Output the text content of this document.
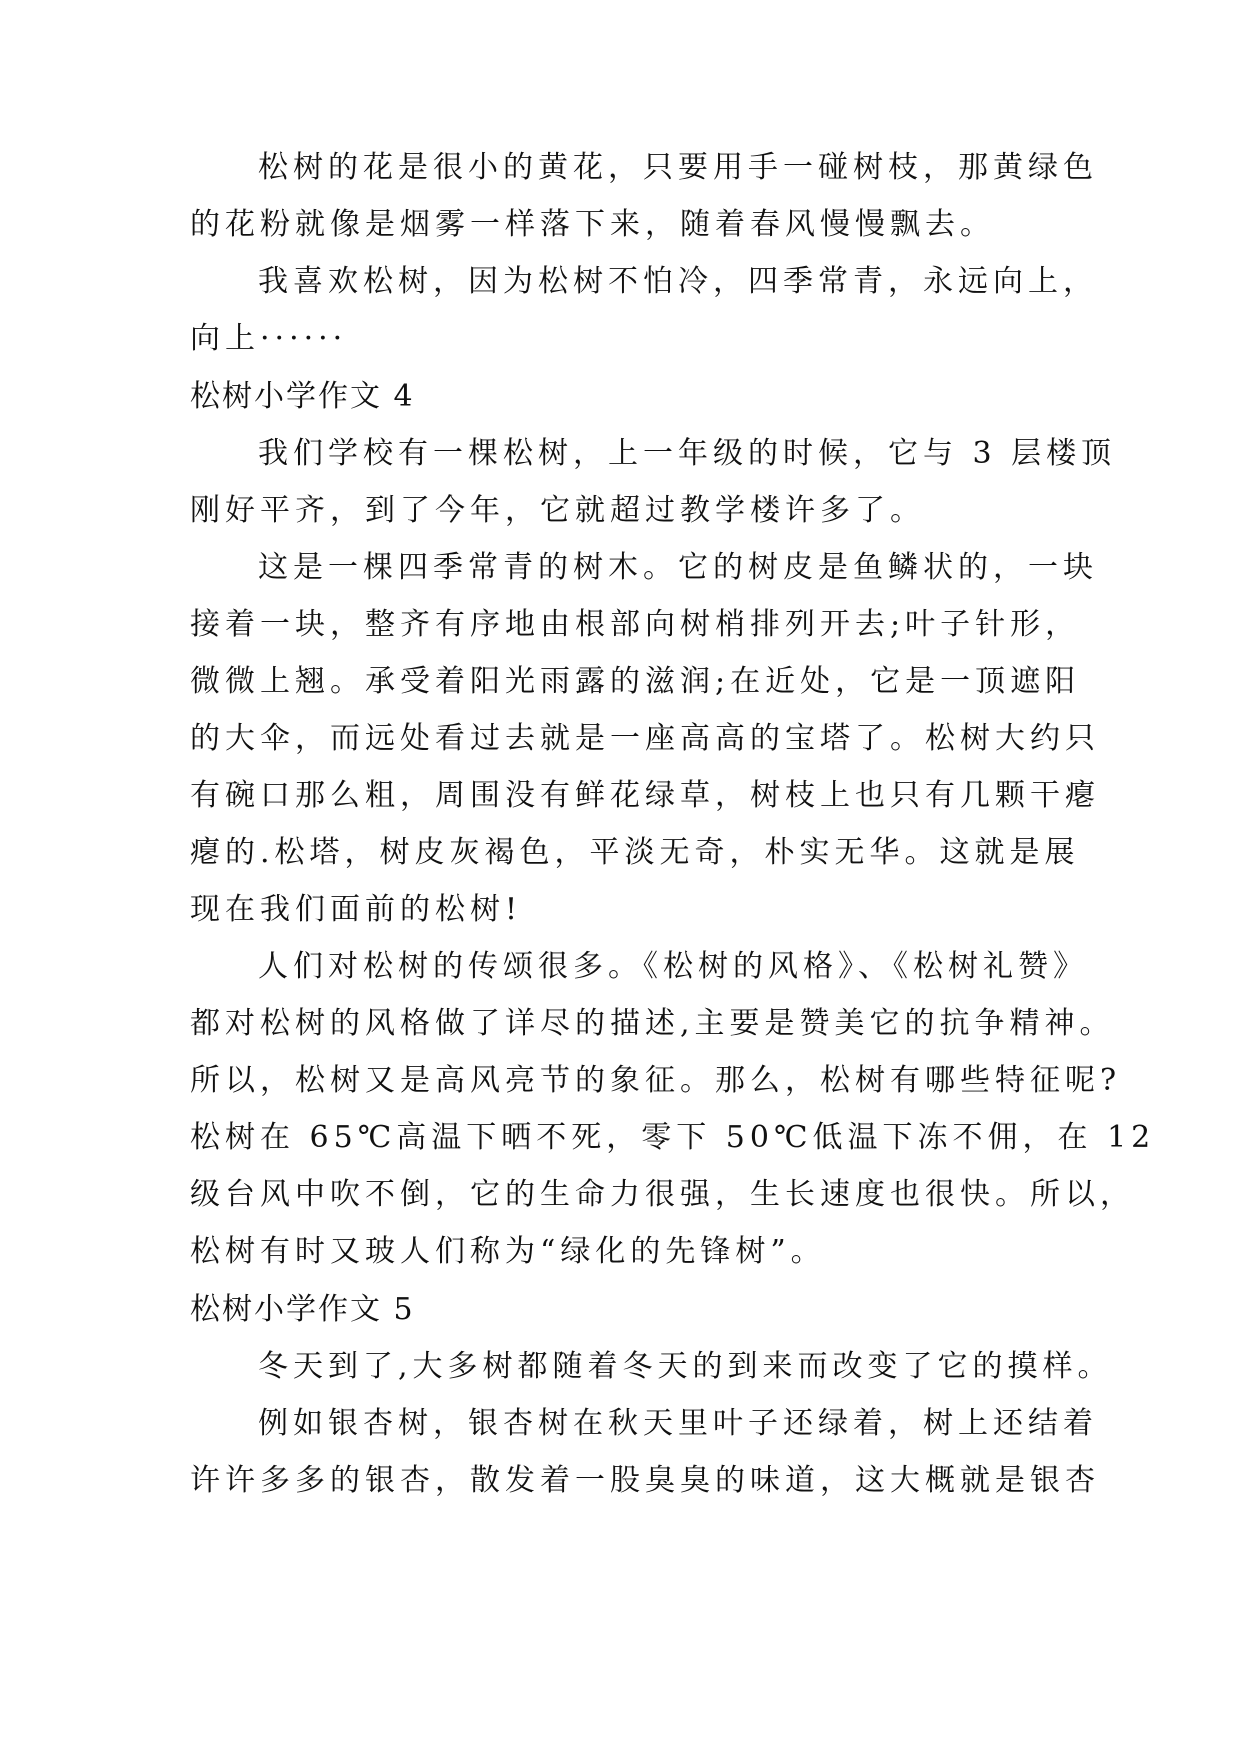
松树的花是很小的黄花，只要用手一碰树枝，那黄绿色
的花粉就像是烟雾一样落下来，随着春风慢慢飘去。
我喜欢松树，因为松树不怕冷，四季常青，永远向上，
向上······
松树小学作文 4
我们学校有一棵松树，上一年级的时候，它与 3 层楼顶
刚好平齐，到了今年，它就超过教学楼许多了。
这是一棵四季常青的树木。它的树皮是鱼鳞状的，一块
接着一块，整齐有序地由根部向树梢排列开去;叶子针形，
微微上翘。承受着阳光雨露的滋润;在近处，它是一顶遮阳
的大伞，而远处看过去就是一座高高的宝塔了。松树大约只
有碗口那么粗，周围没有鲜花绿草，树枝上也只有几颗干瘪
瘪的.松塔，树皮灰褐色，平淡无奇，朴实无华。这就是展
现在我们面前的松树!
人们对松树的传颂很多。《松树的风格》、《松树礼赞》
都对松树的风格做了详尽的描述,主要是赞美它的抗争精神。
所以，松树又是高风亮节的象征。那么，松树有哪些特征呢?
松树在 65℃高温下晒不死，零下 50℃低温下冻不佣，在 12
级台风中吹不倒，它的生命力很强，生长速度也很快。所以，
松树有时又玻人们称为“绿化的先锋树”。
松树小学作文 5
冬天到了,大多树都随着冬天的到来而改变了它的摸样。
例如银杏树，银杏树在秋天里叶子还绿着，树上还结着
许许多多的银杏，散发着一股臭臭的味道，这大概就是银杏
